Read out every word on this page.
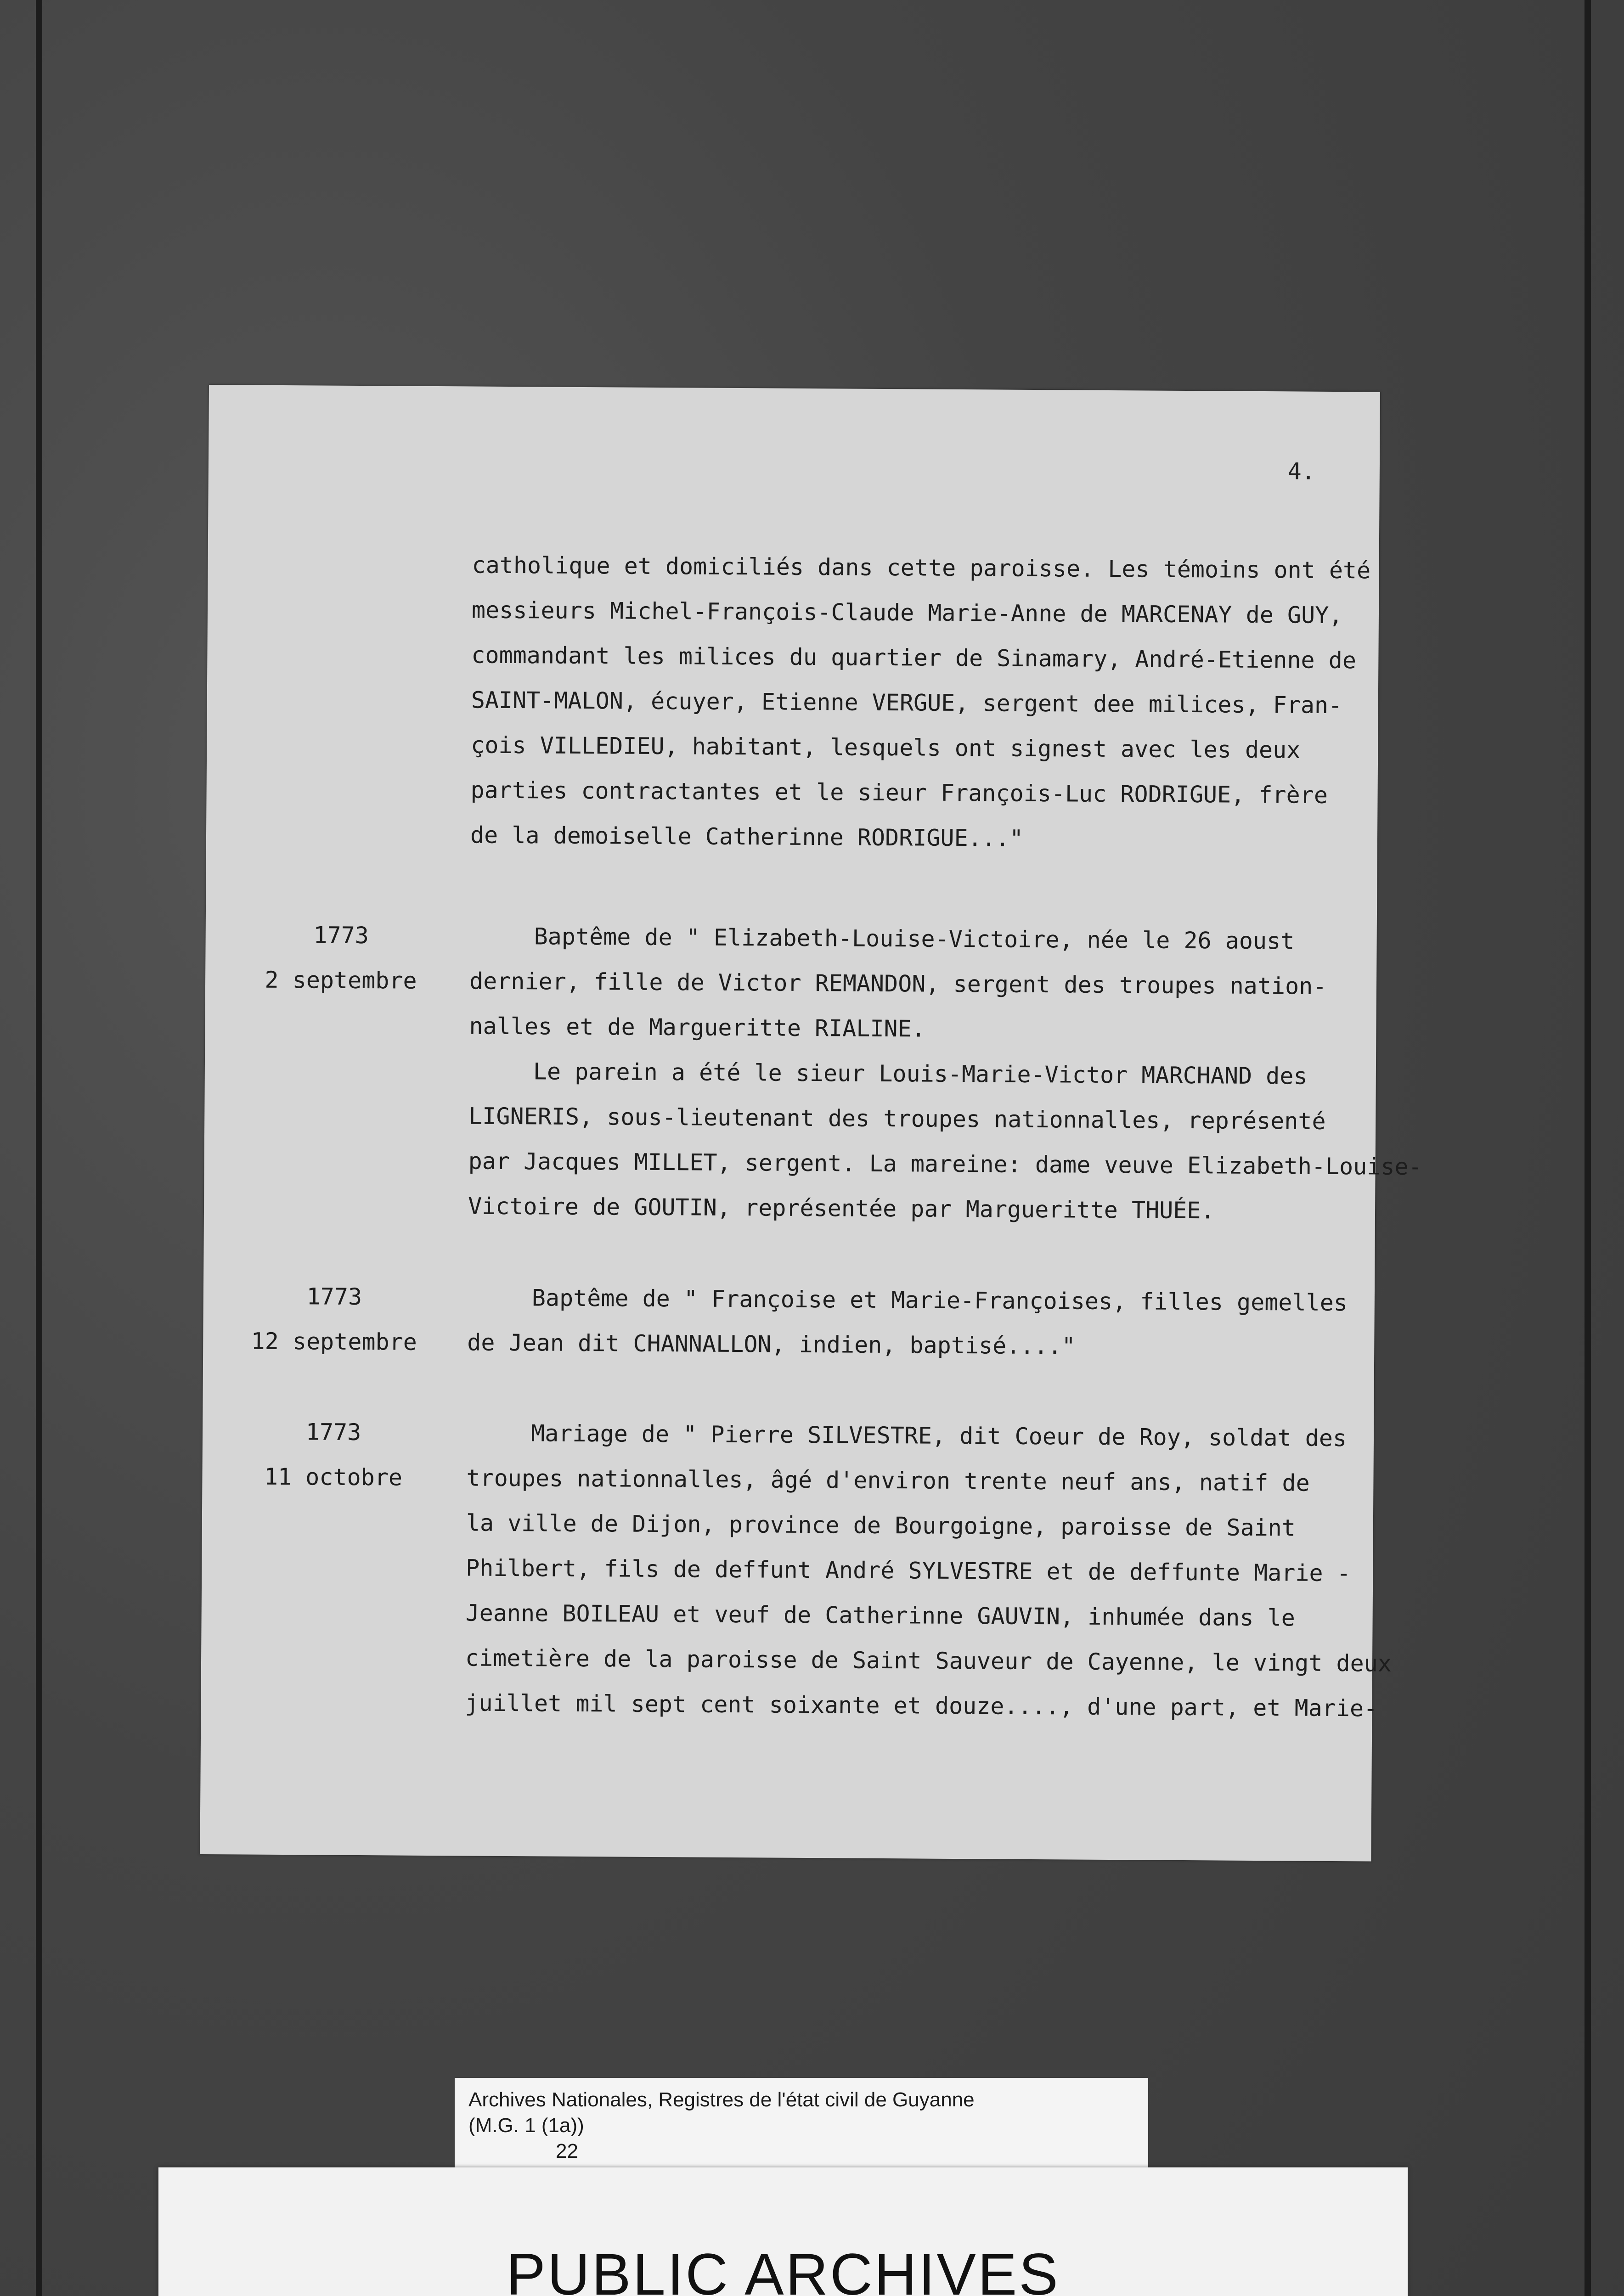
4.
catholique et domiciliés dans cette paroisse. Les témoins ont été
messieurs Michel-François-Claude Marie-Anne de MARCENAY de GUY,
commandant les milices du quartier de Sinamary, André-Etienne de
SAINT-MALON, écuyer, Etienne VERGUE, sergent dee milices, Fran-
çois VILLEDIEU, habitant, lesquels ont signest avec les deux
parties contractantes et le sieur François-Luc RODRIGUE, frère
de la demoiselle Catherinne RODRIGUE..."
1773
2 septembre
Baptême de " Elizabeth-Louise-Victoire, née le 26 aoust
dernier, fille de Victor REMANDON, sergent des troupes nation-
nalles et de Margueritte RIALINE.
Le parein a été le sieur Louis-Marie-Victor MARCHAND des
LIGNERIS, sous-lieutenant des troupes nationnalles, représenté
par Jacques MILLET, sergent. La mareine: dame veuve Elizabeth-Louise-
Victoire de GOUTIN, représentée par Margueritte THUÉE.
1773
12 septembre
Baptême de " Françoise et Marie-Françoises, filles gemelles
de Jean dit CHANNALLON, indien, baptisé...."
1773
11 octobre
Mariage de " Pierre SILVESTRE, dit Coeur de Roy, soldat des
troupes nationnalles, âgé d'environ trente neuf ans, natif de
la ville de Dijon, province de Bourgoigne, paroisse de Saint
Philbert, fils de deffunt André SYLVESTRE et de deffunte Marie -
Jeanne BOILEAU et veuf de Catherinne GAUVIN, inhumée dans le
cimetière de la paroisse de Saint Sauveur de Cayenne, le vingt deux
juillet mil sept cent soixante et douze...., d'une part, et Marie-
Archives Nationales, Registres de l'état civil de Guyanne
(M.G. 1 (1a))
22
PUBLIC ARCHIVES
